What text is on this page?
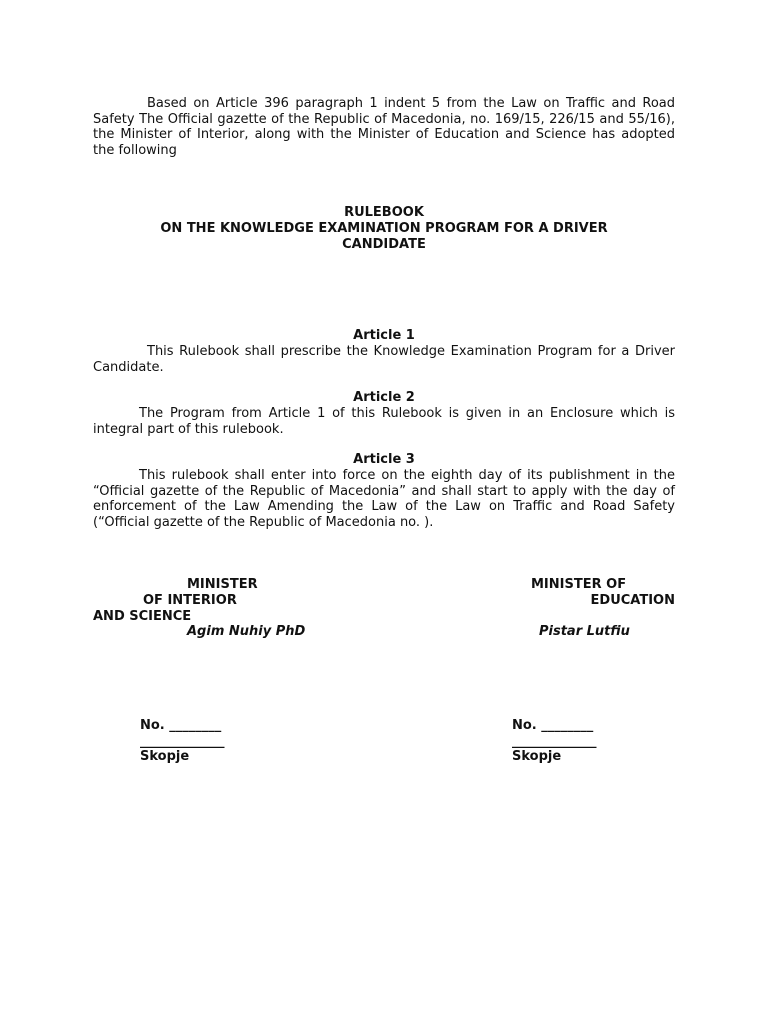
Based on Article 396 paragraph 1 indent 5 from the Law on Traffic and Road Safety The Official gazette of the Republic of Macedonia, no. 169/15, 226/15 and 55/16), the Minister of Interior, along with the Minister of Education and Science has adopted the following

RULEBOOK

ON THE KNOWLEDGE EXAMINATION PROGRAM FOR A DRIVER

CANDIDATE

Article 1

This Rulebook shall prescribe the Knowledge Examination Program for a Driver Candidate.

Article 2

The Program from Article 1 of this Rulebook is given in an Enclosure which is integral part of this rulebook.

Article 3

This rulebook shall enter into force on the eighth day of its publishment in the “Official gazette of the Republic of Macedonia” and shall start to apply with the day of enforcement of the Law Amending the Law of the Law on Traffic and Road Safety (“Official gazette of the Republic of Macedonia no. ).

MINISTER

OF INTERIOR

AND SCIENCE

Agim Nuhiy PhD

MINISTER OF

EDUCATION

Pistar Lutfiu

No. ________

_____________

Skopje

No. ________

_____________

Skopje
